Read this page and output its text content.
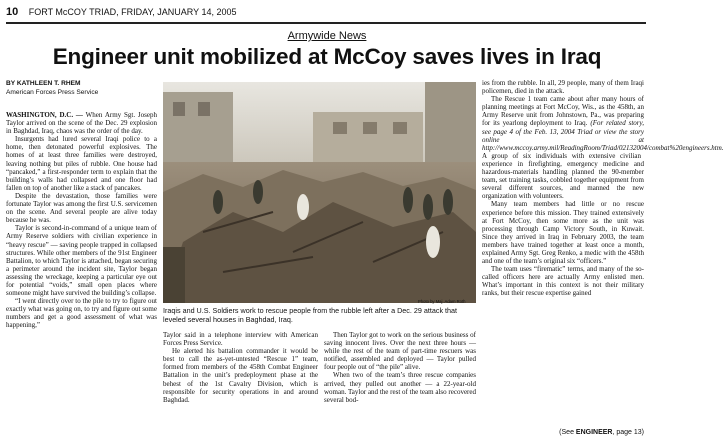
10 FORT McCOY TRIAD, FRIDAY, JANUARY 14, 2005
Armywide News
Engineer unit mobilized at McCoy saves lives in Iraq
BY KATHLEEN T. RHEM
American Forces Press Service

WASHINGTON, D.C. — When Army Sgt. Joseph Taylor arrived on the scene of the Dec. 29 explosion in Baghdad, Iraq, chaos was the order of the day.

Insurgents had lured several Iraqi police to a home, then detonated powerful explosives. The homes of at least three families were destroyed, leaving nothing but piles of rubble. One house had “pancaked,” a first-responder term to explain that the building’s walls had collapsed and one floor had fallen on top of another like a stack of pancakes.

Despite the devastation, those families were fortunate Taylor was among the first U.S. servicemen on the scene. And several people are alive today because he was.

Taylor is second-in-command of a unique team of Army Reserve soldiers with civilian experience in “heavy rescue” — saving people trapped in collapsed structures. While other members of the 91st Engineer Battalion, to which Taylor is attached, began securing a perimeter around the incident site, Taylor began assessing the wreckage, keeping a particular eye out for potential “voids,” small open places where someone might have survived the building’s collapse.

“I went directly over to the pile to try to figure out exactly what was going on, to try and figure out some numbers and get a good assessment of what was happening,”

Photo by Maj. Adam Roth
Iraqis and U.S. Soldiers work to rescue people from the rubble left after a Dec. 29 attack that leveled several houses in Baghdad, Iraq.

Taylor said in a telephone interview with American Forces Press Service.

He alerted his battalion commander it would be best to call the as-yet-untested “Rescue 1” team, formed from members of the 458th Combat Engineer Battalion in the unit’s predeployment phase at the behest of the 1st Cavalry Division, which is responsible for security operations in and around Baghdad.

Then Taylor got to work on the serious business of saving innocent lives. Over the next three hours — while the rest of the team of part-time rescuers was notified, assembled and deployed — Taylor pulled four people out of “the pile” alive.

When two of the team’s three rescue companies arrived, they pulled out another — a 22-year-old woman. Taylor and the rest of the team also recovered several bod-

ies from the rubble. In all, 29 people, many of them Iraqi policemen, died in the attack.

The Rescue 1 team came about after many hours of planning meetings at Fort McCoy, Wis., as the 458th, an Army Reserve unit from Johnstown, Pa., was preparing for its yearlong deployment to Iraq. (For related story, see page 4 of the Feb. 13, 2004 Triad or view the story online at http://www.mccoy.army.mil/ReadingRoom/Triad/02132004/combat%20engineers.htm. A group of six individuals with extensive civilian experience in firefighting, emergency medicine and hazardous-materials handling planned the 90-member team, set training tasks, cobbled together equipment from several different sources, and manned the new organization with volunteers.

Many team members had little or no rescue experience before this mission. They trained extensively at Fort McCoy, then some more as the unit was processing through Camp Victory South, in Kuwait. Since they arrived in Iraq in February 2003, the team members have trained together at least once a month, explained Army Sgt. Greg Renko, a medic with the 458th and one of the team’s original six “officers.”

The team uses “firematic” terms, and many of the so-called officers here are actually Army enlisted men. What’s important in this context is not their military ranks, but their rescue expertise gained

(See ENGINEER, page 13)
